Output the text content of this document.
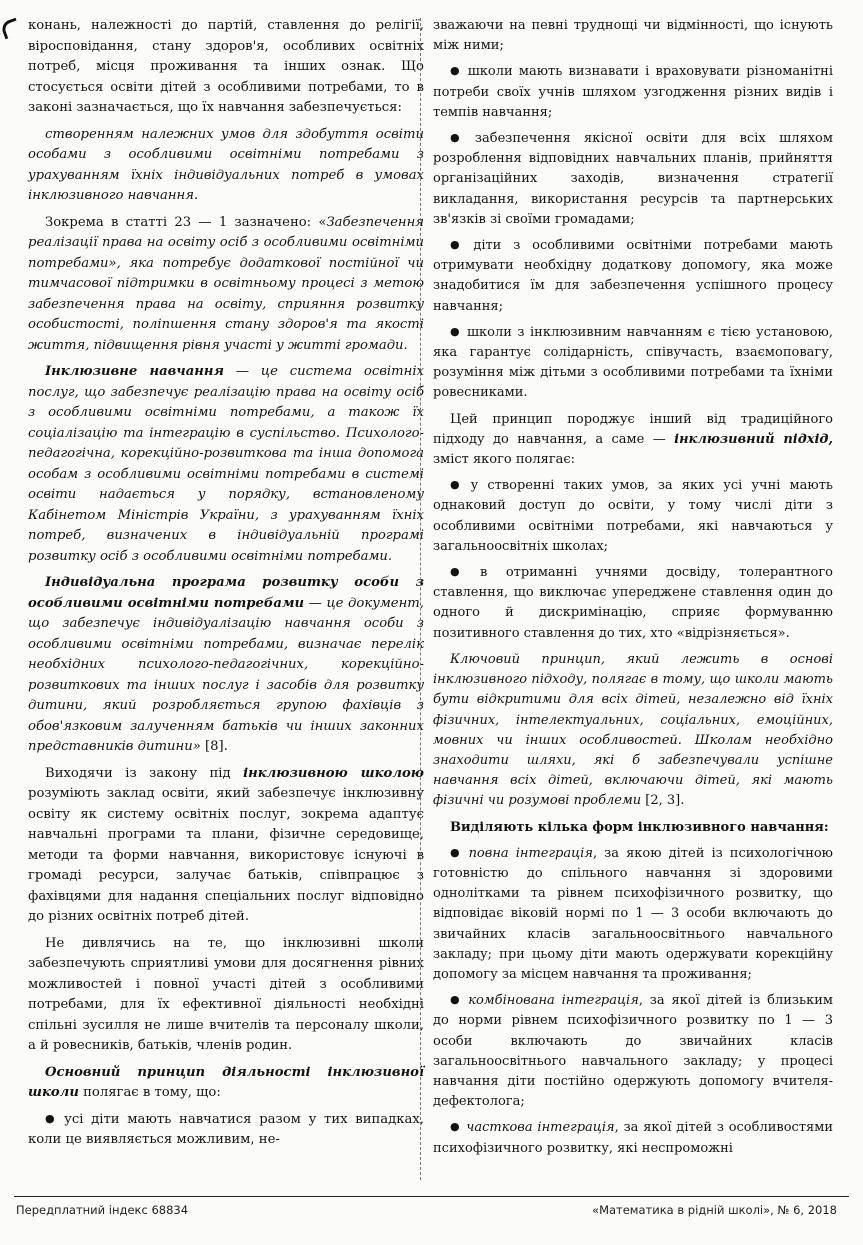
конань, належності до партій, ставлення до релігії, віросповідання, стану здоров'я, особливих освітніх потреб, місця проживання та інших ознак. Що стосується освіти дітей з особливими потребами, то в законі зазначається, що їх навчання забезпечується:

створенням належних умов для здобуття освіти особами з особливими освітніми потребами з урахуванням їхніх індивідуальних потреб в умовах інклюзивного навчання.

Зокрема в статті 23 — 1 зазначено: «Забезпечення реалізації права на освіту осіб з особливими освітніми потребами», яка потребує додаткової постійної чи тимчасової підтримки в освітньому процесі з метою забезпечення права на освіту, сприяння розвитку особистості, поліпшення стану здоров'я та якості життя, підвищення рівня участі у житті громади.

Інклюзивне навчання — це система освітніх послуг, що забезпечує реалізацію права на освіту осіб з особливими освітніми потребами, а також їх соціалізацію та інтеграцію в суспільство. Психолого-педагогічна, корекційно-розвиткова та інша допомога особам з особливими освітніми потребами в системі освіти надається у порядку, встановленому Кабінетом Міністрів України, з урахуванням їхніх потреб, визначених в індивідуальній програмі розвитку осіб з особливими освітніми потребами.

Індивідуальна програма розвитку особи з особливими освітніми потребами — це документ, що забезпечує індивідуалізацію навчання особи з особливими освітніми потребами, визначає перелік необхідних психолого-педагогічних, корекційно-розвиткових та інших послуг і засобів для розвитку дитини, який розробляється групою фахівців з обов'язковим залученням батьків чи інших законних представників дитини» [8].

Виходячи із закону під інклюзивною школою розуміють заклад освіти, який забезпечує інклюзивну освіту як систему освітніх послуг, зокрема адаптує навчальні програми та плани, фізичне середовище, методи та форми навчання, використовує існуючі в громаді ресурси, залучає батьків, співпрацює з фахівцями для надання спеціальних послуг відповідно до різних освітніх потреб дітей.

Не дивлячись на те, що інклюзивні школи забезпечують сприятливі умови для досягнення рівних можливостей і повної участі дітей з особливими потребами, для їх ефективної діяльності необхідні спільні зусилля не лише вчителів та персоналу школи, а й ровесників, батьків, членів родин.

Основний принцип діяльності інклюзивної школи полягає в тому, що:

● усі діти мають навчатися разом у тих випадках, коли це виявляється можливим, не-

зважаючи на певні труднощі чи відмінності, що існують між ними;

● школи мають визнавати і враховувати різноманітні потреби своїх учнів шляхом узгодження різних видів і темпів навчання;

● забезпечення якісної освіти для всіх шляхом розроблення відповідних навчальних планів, прийняття організаційних заходів, визначення стратегії викладання, використання ресурсів та партнерських зв'язків зі своїми громадами;

● діти з особливими освітніми потребами мають отримувати необхідну додаткову допомогу, яка може знадобитися їм для забезпечення успішного процесу навчання;

● школи з інклюзивним навчанням є тією установою, яка гарантує солідарність, співучасть, взаємоповагу, розуміння між дітьми з особливими потребами та їхніми ровесниками.

Цей принцип породжує інший від традиційного підходу до навчання, а саме — інклюзивний підхід, зміст якого полягає:

● у створенні таких умов, за яких усі учні мають однаковий доступ до освіти, у тому числі діти з особливими освітніми потребами, які навчаються у загальноосвітніх школах;

● в отриманні учнями досвіду, толерантного ставлення, що виключає упереджене ставлення один до одного й дискримінацію, сприяє формуванню позитивного ставлення до тих, хто «відрізняється».

Ключовий принцип, який лежить в основі інклюзивного підходу, полягає в тому, що школи мають бути відкритими для всіх дітей, незалежно від їхніх фізичних, інтелектуальних, соціальних, емоційних, мовних чи інших особливостей. Школам необхідно знаходити шляхи, які б забезпечували успішне навчання всіх дітей, включаючи дітей, які мають фізичні чи розумові проблеми [2, 3].

Виділяють кілька форм інклюзивного навчання:

● повна інтеграція, за якою дітей із психологічною готовністю до спільного навчання зі здоровими однолітками та рівнем психофізичного розвитку, що відповідає віковій нормі по 1 — 3 особи включають до звичайних класів загальноосвітнього навчального закладу; при цьому діти мають одержувати корекційну допомогу за місцем навчання та проживання;

● комбінована інтеграція, за якої дітей із близьким до норми рівнем психофізичного розвитку по 1 — 3 особи включають до звичайних класів загальноосвітнього навчального закладу; у процесі навчання діти постійно одержують допомогу вчителя-дефектолога;

● часткова інтеграція, за якої дітей з особливостями психофізичного розвитку, які неспроможні

Передплатний індекс 68834	«Математика в рідній школі», № 6, 2018
